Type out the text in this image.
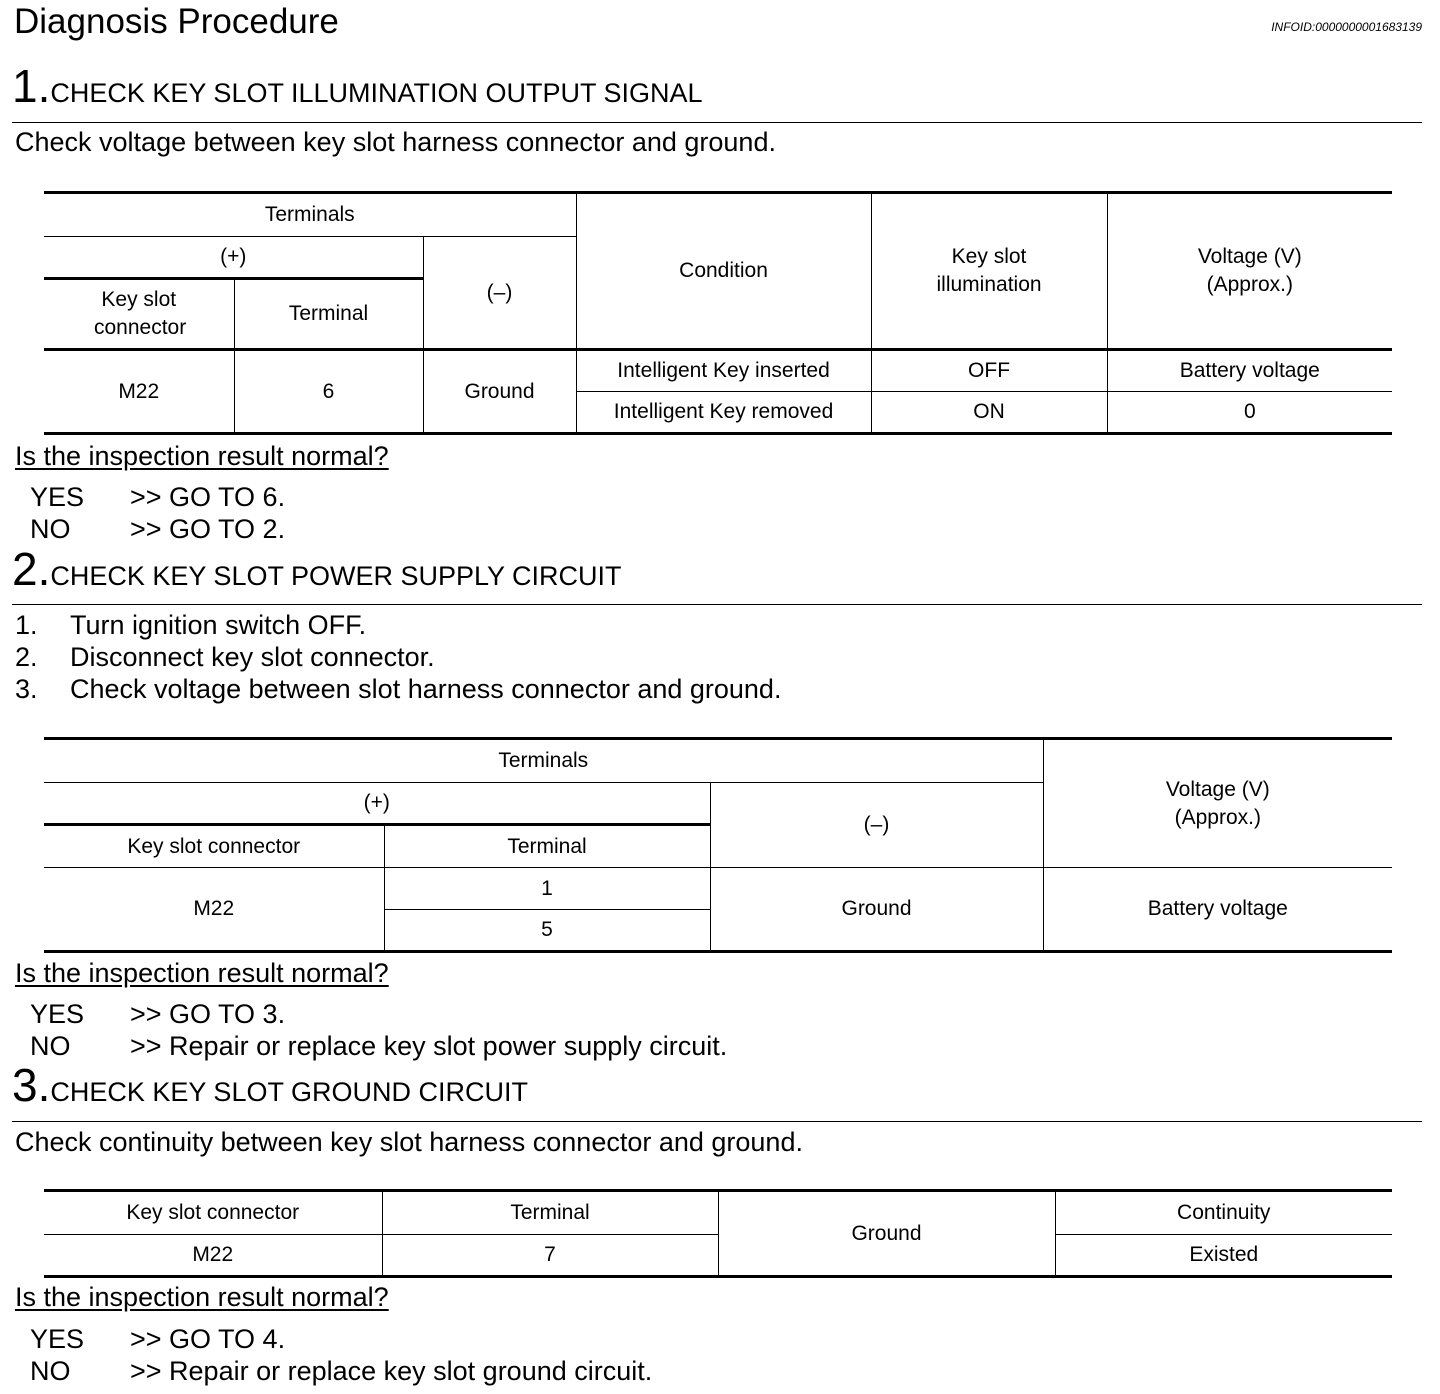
Diagnosis Procedure	INFOID:0000000001683139
1.CHECK KEY SLOT ILLUMINATION OUTPUT SIGNAL
Check voltage between key slot harness connector and ground.
Terminals			Condition	Key slot illumination	Voltage (V) (Approx.)
(+)		(–)			
Key slot connector	Terminal				
M22	6	Ground	Intelligent Key inserted	OFF	Battery voltage
			Intelligent Key removed	ON	0
Is the inspection result normal?
YES >> GO TO 6.
NO >> GO TO 2.
2.CHECK KEY SLOT POWER SUPPLY CIRCUIT
1. Turn ignition switch OFF.
2. Disconnect key slot connector.
3. Check voltage between slot harness connector and ground.
Terminals			Voltage (V) (Approx.)
(+)		(–)	
Key slot connector	Terminal		
M22	1	Ground	Battery voltage
	5		
Is the inspection result normal?
YES >> GO TO 3.
NO >> Repair or replace key slot power supply circuit.
3.CHECK KEY SLOT GROUND CIRCUIT
Check continuity between key slot harness connector and ground.
Key slot connector	Terminal	Ground	Continuity
M22	7		Existed
Is the inspection result normal?
YES >> GO TO 4.
NO >> Repair or replace key slot ground circuit.
